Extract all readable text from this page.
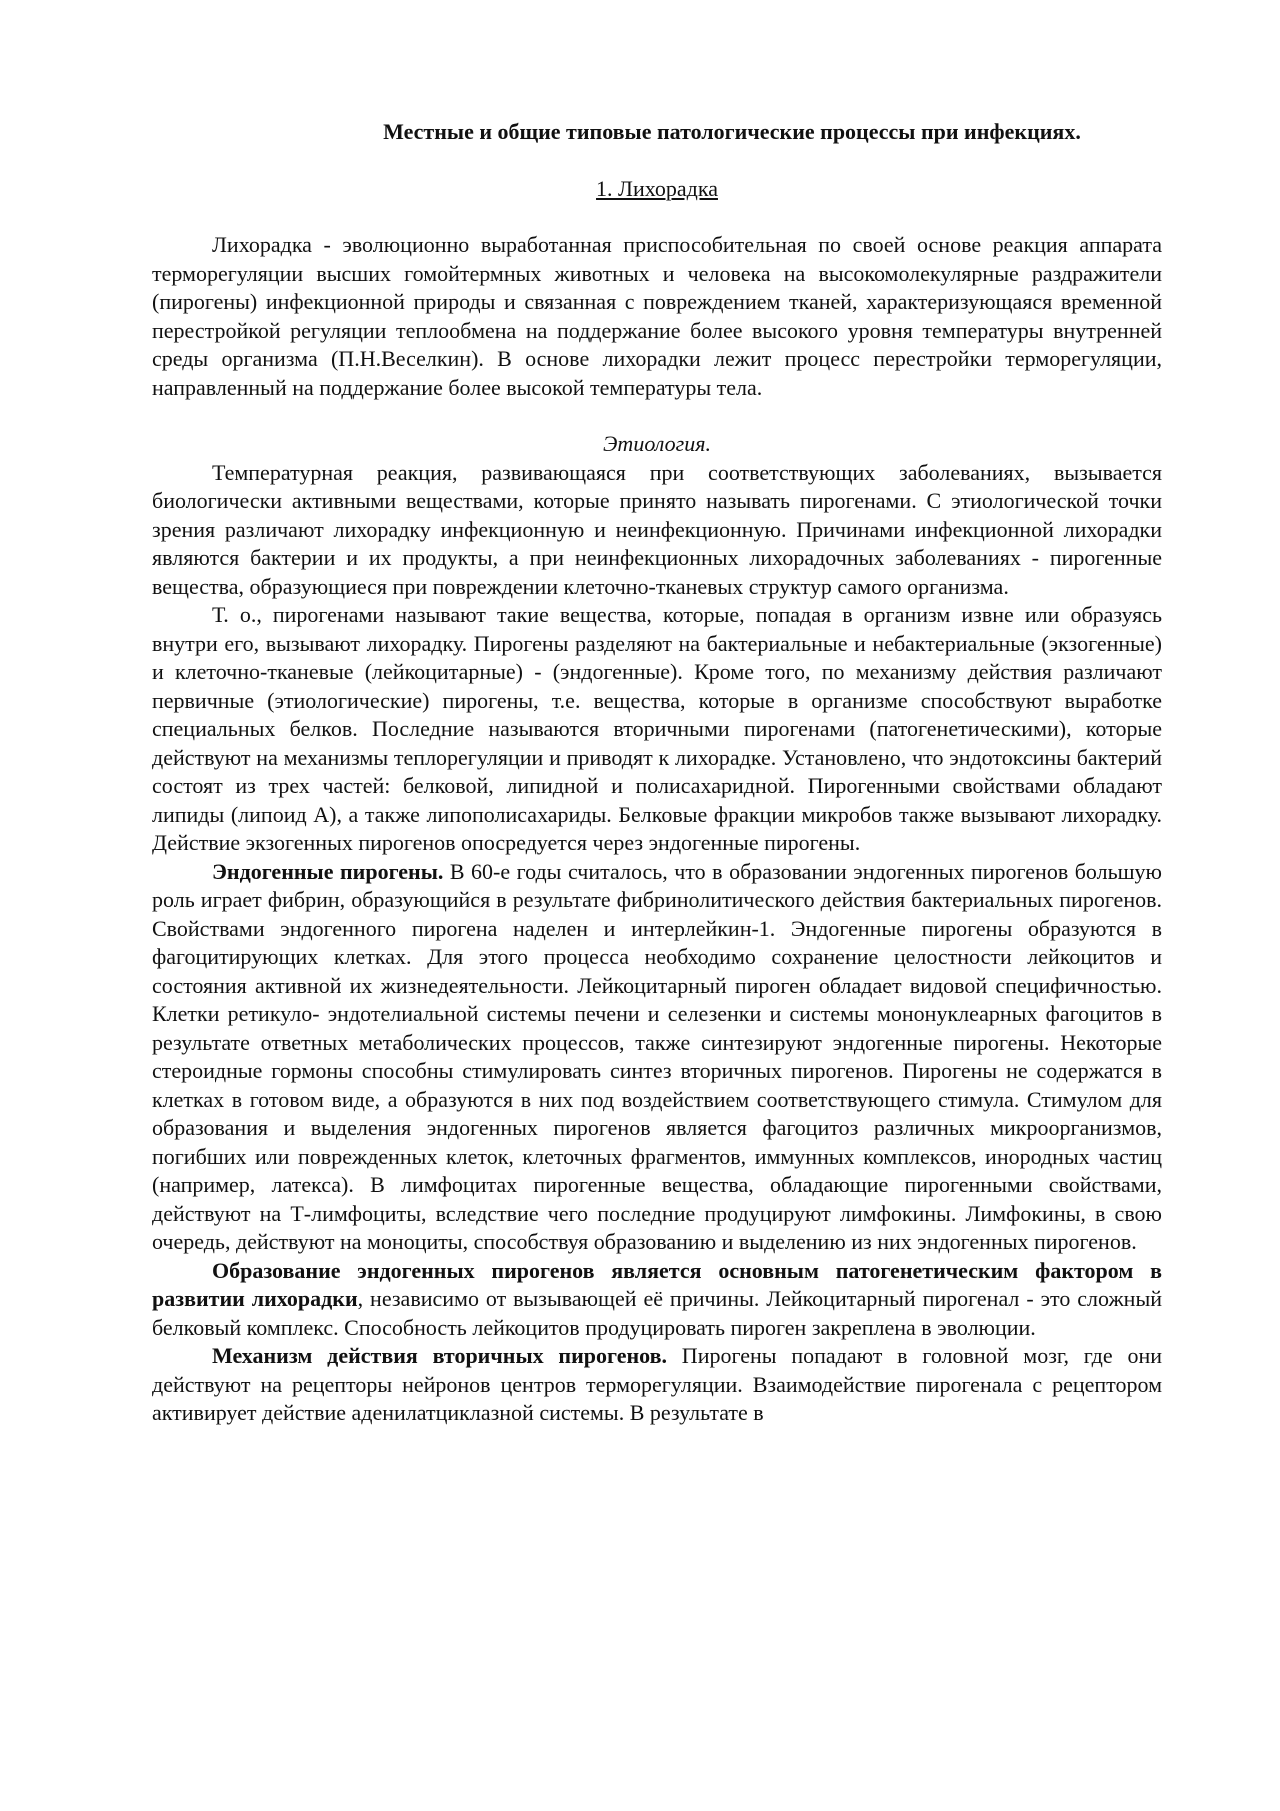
Местные и общие типовые патологические процессы при инфекциях.
1. Лихорадка

Лихорадка - эволюционно выработанная приспособительная по своей основе реакция аппарата терморегуляции высших гомойтермных животных и человека на высокомолекулярные раздражители (пирогены) инфекционной природы и связанная с повреждением тканей, характеризующаяся временной перестройкой регуляции теплообмена на поддержание более высокого уровня температуры внутренней среды организма (П.Н.Веселкин). В основе лихорадки лежит процесс перестройки терморегуляции, направленный на поддержание более высокой температуры тела.

Этиология.

Температурная реакция, развивающаяся при соответствующих заболеваниях, вызывается биологически активными веществами, которые принято называть пирогенами. С этиологической точки зрения различают лихорадку инфекционную и неинфекционную. Причинами инфекционной лихорадки являются бактерии и их продукты, а при неинфекционных лихорадочных заболеваниях - пирогенные вещества, образующиеся при повреждении клеточно-тканевых структур самого организма.

Т. о., пирогенами называют такие вещества, которые, попадая в организм извне или образуясь внутри его, вызывают лихорадку. Пирогены разделяют на бактериальные и небактериальные (экзогенные) и клеточно-тканевые (лейкоцитарные) - (эндогенные). Кроме того, по механизму действия различают первичные (этиологические) пирогены, т.е. вещества, которые в организме способствуют выработке специальных белков. Последние называются вторичными пирогенами (патогенетическими), которые действуют на механизмы теплорегуляции и приводят к лихорадке. Установлено, что эндотоксины бактерий состоят из трех частей: белковой, липидной и полисахаридной. Пирогенными свойствами обладают липиды (липоид А), а также липополисахариды. Белковые фракции микробов также вызывают лихорадку. Действие экзогенных пирогенов опосредуется через эндогенные пирогены.

Эндогенные пирогены. В 60-е годы считалось, что в образовании эндогенных пирогенов большую роль играет фибрин, образующийся в результате фибринолитического действия бактериальных пирогенов. Свойствами эндогенного пирогена наделен и интерлейкин-1. Эндогенные пирогены образуются в фагоцитирующих клетках. Для этого процесса необходимо сохранение целостности лейкоцитов и состояния активной их жизнедеятельности. Лейкоцитарный пироген обладает видовой специфичностью. Клетки ретикуло- эндотелиальной системы печени и селезенки и системы мононуклеарных фагоцитов в результате ответных метаболических процессов, также синтезируют эндогенные пирогены. Некоторые стероидные гормоны способны стимулировать синтез вторичных пирогенов. Пирогены не содержатся в клетках в готовом виде, а образуются в них под воздействием соответствующего стимула. Стимулом для образования и выделения эндогенных пирогенов является фагоцитоз различных микроорганизмов, погибших или поврежденных клеток, клеточных фрагментов, иммунных комплексов, инородных частиц (например, латекса). В лимфоцитах пирогенные вещества, обладающие пирогенными свойствами, действуют на Т-лимфоциты, вследствие чего последние продуцируют лимфокины. Лимфокины, в свою очередь, действуют на моноциты, способствуя образованию и выделению из них эндогенных пирогенов.

Образование эндогенных пирогенов является основным патогенетическим фактором в развитии лихорадки, независимо от вызывающей её причины. Лейкоцитарный пирогенал - это сложный белковый комплекс. Способность лейкоцитов продуцировать пироген закреплена в эволюции.

Механизм действия вторичных пирогенов. Пирогены попадают в головной мозг, где они действуют на рецепторы нейронов центров терморегуляции. Взаимодействие пирогенала с рецептором активирует действие аденилатциклазной системы. В результате в
